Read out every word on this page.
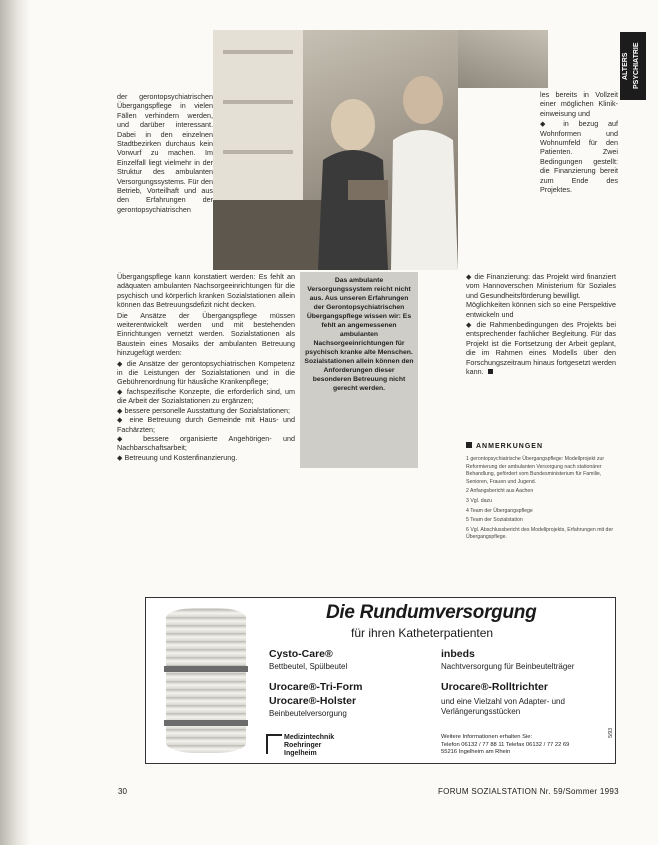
ALTERS PSYCHIATRIE

der gerontopsychiatrischen Übergangspflege in vielen Fällen verhindern werden, und darüber interessant. Dabei in den einzelnen Stadtbezirken durchaus kein Vorwurf zu machen. Im Einzelfall liegt vielmehr in der Struktur des ambulanten Versorgungssystems. Für den Betrieb, Vorteilhaft und aus den Erfahrungen der gerontopsychiatrischen

Übergangspflege kann konstatiert werden: Es fehlt an adäquaten ambulanten Nachsorgeeinrichtungen für die psychisch und körperlich kranken Sozialstationen allein können das Betreuungsdefizit nicht decken.

Die Ansätze der Übergangspflege müssen weiterentwickelt werden und mit bestehenden Einrichtungen vernetzt werden. Sozialstationen als Baustein eines Mosaiks der ambulanten Betreuung hinzugefügt werden:

◆ die Ansätze der gerontopsychiatrischen Kompetenz in die Leistungen der Sozialstationen und in die Gebührenordnung für häusliche Krankenpflege;

◆ fachspezifische Konzepte, die erforderlich sind, um die Arbeit der Sozialstationen zu ergänzen;

◆ bessere personelle Ausstattung der Sozialstationen;

◆ eine Betreuung durch Gemeinde mit Haus- und Fachärzten;

◆ bessere organisierte Angehörigen- und Nachbarschaftsarbeit;

◆ Betreuung und Kostenfinanzierung.

Das ambulante Versorgungssystem reicht nicht aus. Aus unseren Erfahrungen der Gerontopsychiatrischen Übergangspflege wissen wir: Es fehlt an angemessenen ambulanten Nachsorgeeinrichtungen für psychisch kranke alte Menschen. Sozialstationen allein können den Anforderungen dieser besonderen Betreuung nicht gerecht werden.

les bereits in Vollzeit einer möglichen Klinikeinweisung und

◆ in bezug auf Wohnformen und Wohnumfeld für den Patienten. Zwei Bedingungen gestellt: die Finanzierung bereit zum Ende des Projektes.

◆ die Finanzierung: das Projekt wird finanziert vom Hannoverschen Ministerium für Soziales und Gesundheitsförderung bewilligt.

Möglichkeiten können sich so eine Perspektive entwickeln und

◆ die Rahmenbedingungen des Projekts bei entsprechender fachlicher Begleitung. Für das Projekt ist die Fortsetzung der Arbeit geplant, die im Rahmen eines Modells über den Forschungszeitraum hinaus fortgesetzt werden kann.

ANMERKUNGEN

1 gerontopsychiatrische Übergangspflege: Modellprojekt zur Reformierung der ambulanten Versorgung nach stationärer Behandlung, gefördert vom Bundesministerium für Familie, Senioren, Frauen und Jugend.

2 Anfangsbericht aus Aachen

3 Vgl. dazu

4 Team der Übergangspflege

5 Team der Sozialstation

6 Vgl. Abschlussbericht des Modellprojekts, Erfahrungen mit der Übergangspflege.

Die Rundumversorgung
für ihren Katheterpatienten
Cysto-Care®
Bettbeutel, Spülbeutel
Urocare®-Tri-Form
Urocare®-Holster
Beinbeutelversorgung
inbeds
Nachtversorgung für Beinbeutelträger
Urocare®-Rolltrichter
und eine Vielzahl von Adapter- und Verlängerungsstücken
Medizintechnik
Roehringer
Ingelheim
Weitere Informationen erhalten Sie:
Telefon 06132 / 77 88 11 Telefax 06132 / 77 22 69
55216 Ingelheim am Rhein
5/93
30	FORUM SOZIALSTATION Nr. 59/Sommer 1993
